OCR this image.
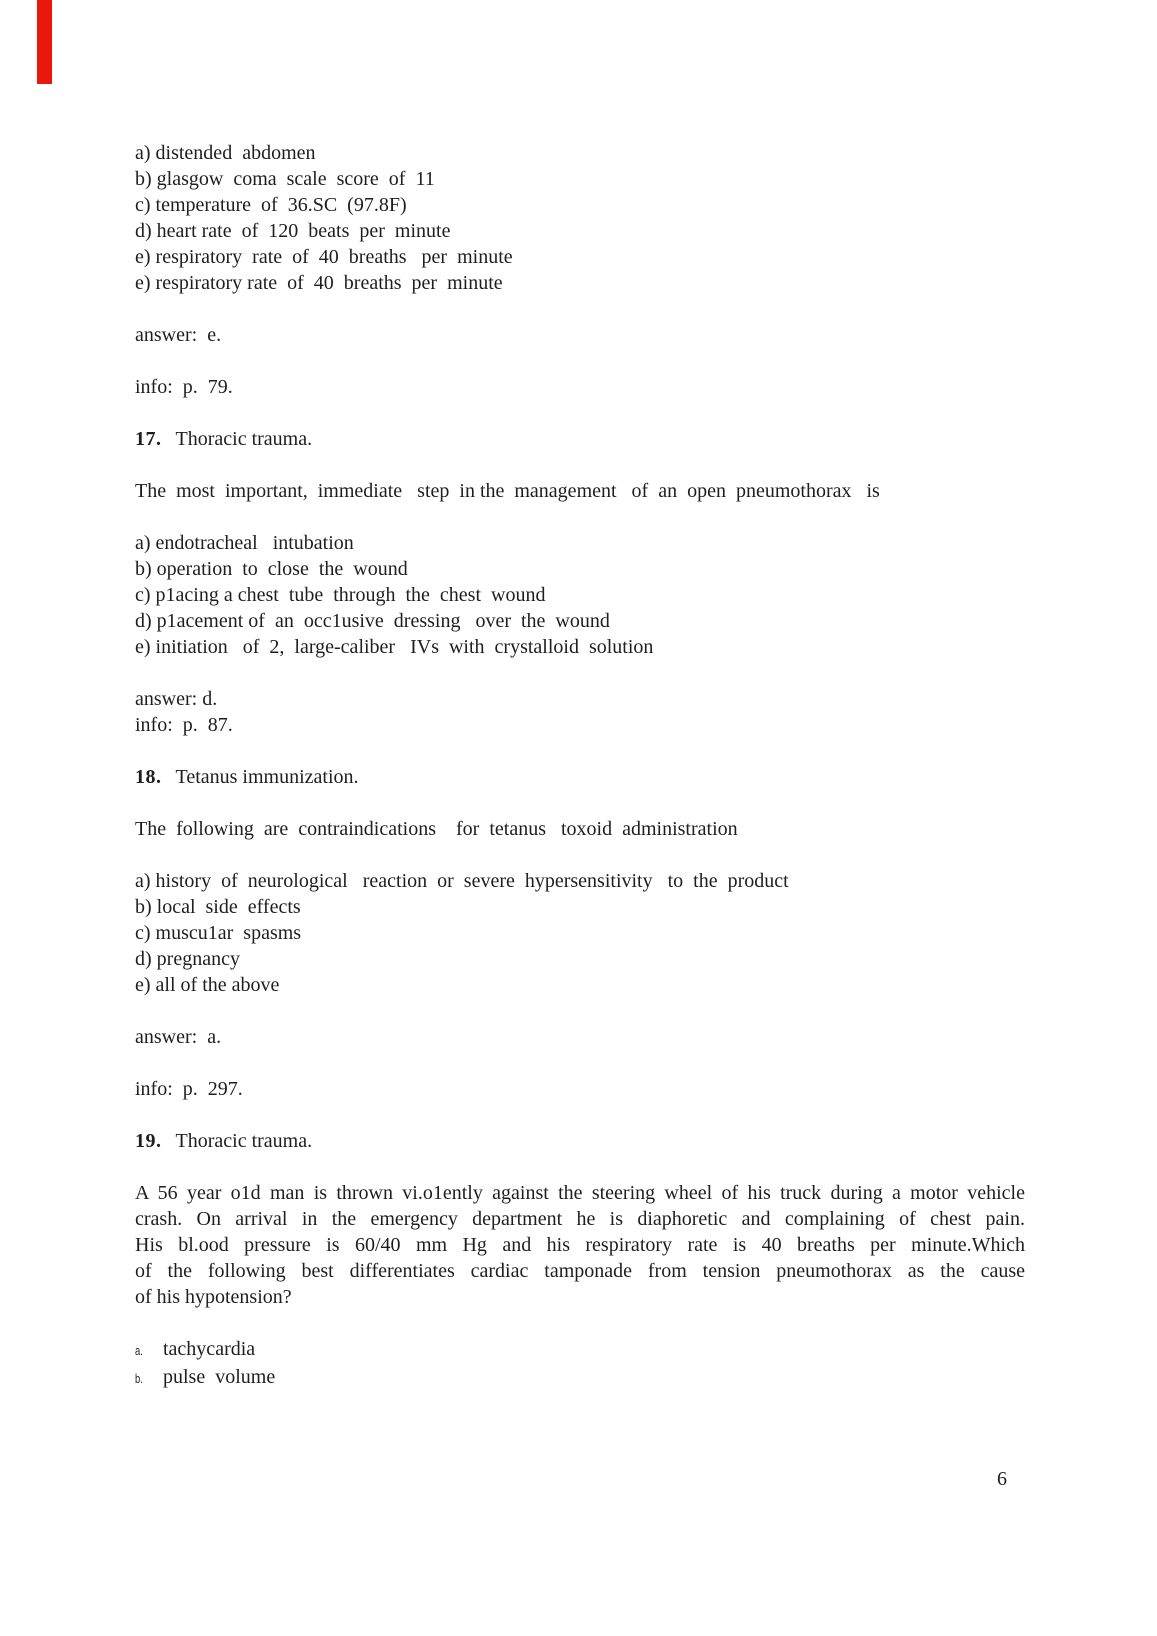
a) distended  abdomen
b) glasgow  coma  scale  score  of  11
c) temperature  of  36.SC  (97.8F)
d) heart rate  of  120  beats  per  minute
e) respiratory  rate  of  40  breaths   per  minute
e) respiratory rate  of  40  breaths  per  minute
answer:  e.
info:  p.  79.
17. Thoracic trauma.
The  most  important,  immediate   step  in the  management   of  an  open  pneumothorax   is
a) endotracheal   intubation
b) operation  to  close  the  wound
c) p1acing a chest  tube  through  the  chest  wound
d) p1acement of  an  occ1usive  dressing   over  the  wound
e) initiation   of  2,  large-caliber   IVs  with  crystalloid  solution
answer: d.
info:  p.  87.
18. Tetanus immunization.
The  following  are  contraindications    for  tetanus   toxoid  administration
a) history  of  neurological   reaction  or  severe  hypersensitivity   to  the  product
b) local  side  effects
c) muscu1ar  spasms
d) pregnancy
e) all of the above
answer:  a.
info:  p.  297.
19. Thoracic trauma.
A 56 year o1d man is thrown vi.o1ently against the steering wheel of his truck during a motor vehicle
crash. On arrival in the emergency department he is diaphoretic and complaining of chest pain.
His bl.ood pressure is 60/40 mm Hg and his respiratory rate is 40 breaths per minute.Which
of the following best differentiates cardiac tamponade from tension pneumothorax as the cause
of his hypotension?
a. tachycardia
b. pulse  volume
6
